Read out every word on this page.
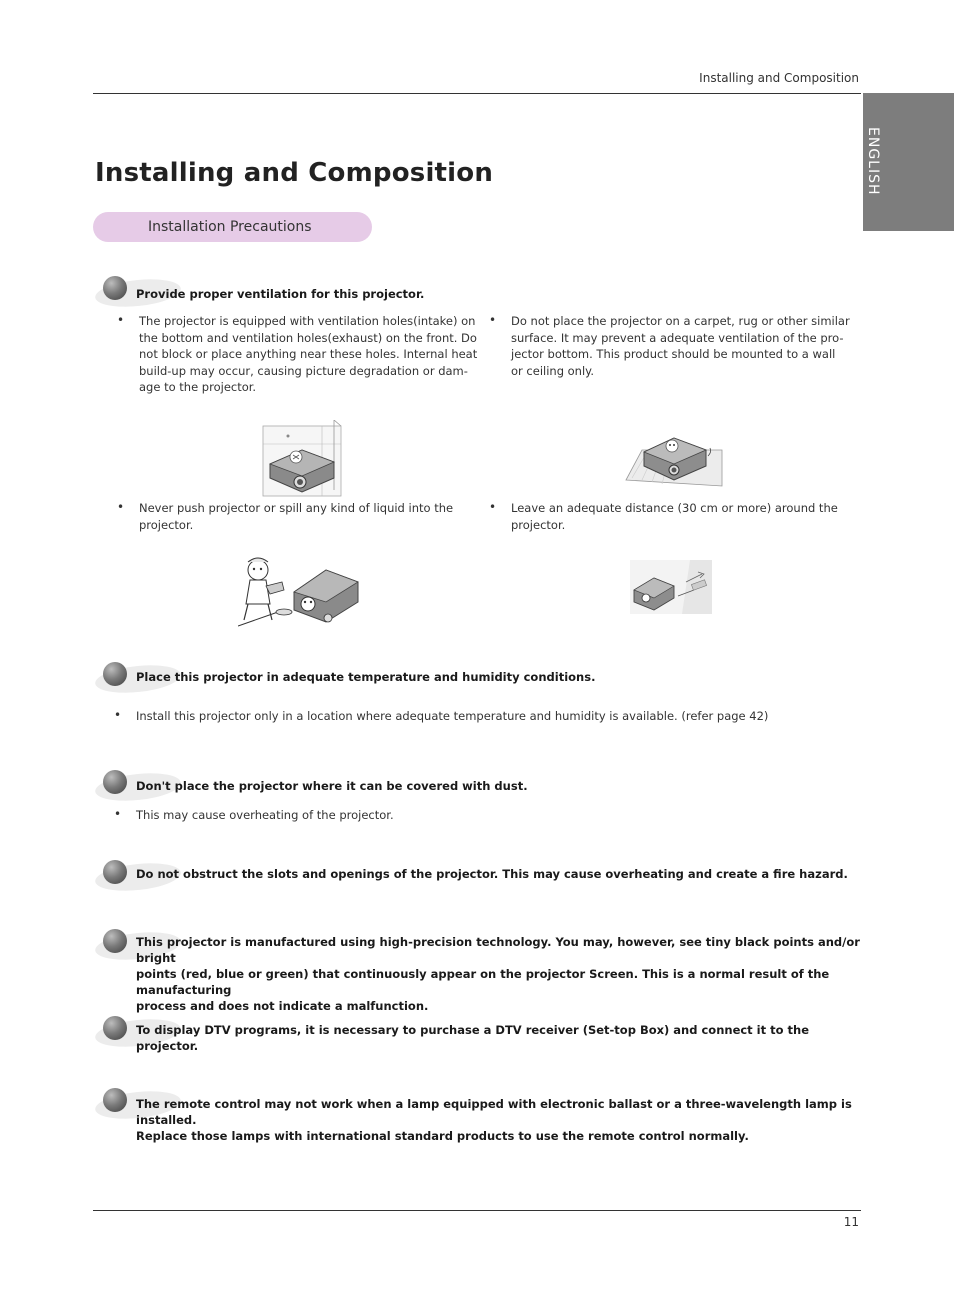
Installing and Composition
ENGLISH
Installing and Composition
Installation Precautions
Provide proper ventilation for this projector.
• The projector is equipped with ventilation holes(intake) on
the bottom and ventilation holes(exhaust) on the front. Do
not block or place anything near these holes. Internal heat
build-up may occur, causing picture degradation or dam-
age to the projector.
• Do not place the projector on a carpet, rug or other similar
surface. It may prevent a adequate ventilation of the pro-
jector bottom. This product should be mounted to a wall
or ceiling only.
• Never push projector or spill any kind of liquid into the
projector.
• Leave an adequate distance (30 cm or more) around the
projector.
Place this projector in adequate temperature and humidity conditions.
• Install this projector only in a location where adequate temperature and humidity is available. (refer page 42)
Don't place the projector where it can be covered with dust.
• This may cause overheating of the projector.
Do not obstruct the slots and openings of the projector. This may cause overheating and create a fire hazard.
This projector is manufactured using high-precision technology. You may, however, see tiny black points and/or bright
points (red, blue or green) that continuously appear on the projector Screen. This is a normal result of the manufacturing
process and does not indicate a malfunction.
To display DTV programs, it is necessary to purchase a DTV receiver (Set-top Box) and connect it to the projector.
The remote control may not work when a lamp equipped with electronic ballast or a three-wavelength lamp is installed.
Replace those lamps with international standard products to use the remote control normally.
11
